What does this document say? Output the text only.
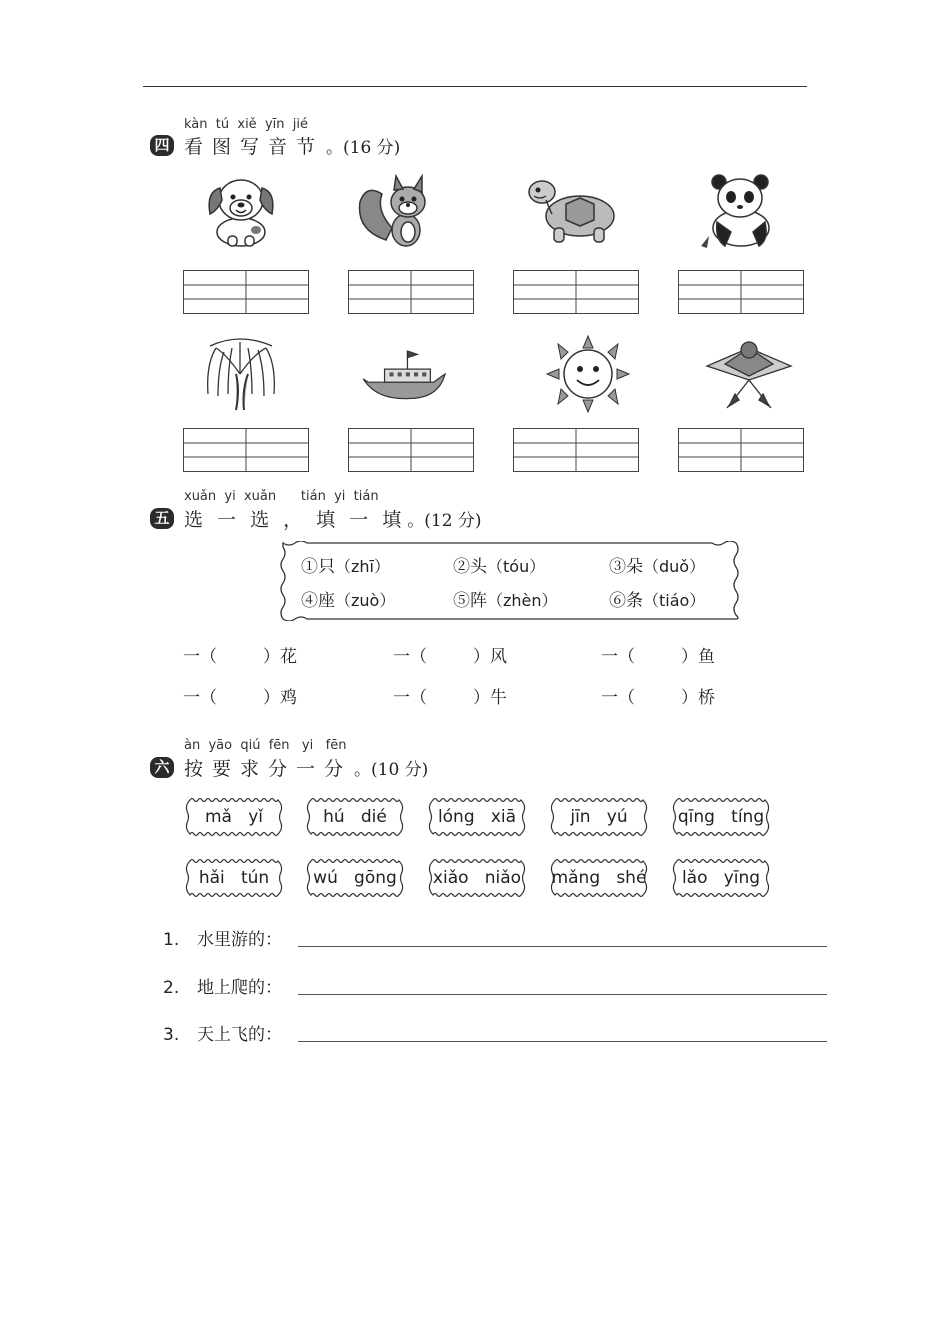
kàn  tú  xiě  yīn  jié
四 看图写音节 。(16 分)
xuǎn  yi  xuǎn      tián  yi  tián
五 选 一 选 ， 填 一 填 。(12 分)
①只（zhī）	②头（tóu）	③朵（duǒ）
④座（zuò）	⑤阵（zhèn）	⑥条（tiáo）
一（	）花	一（	）风	一（	）鱼
一（	）鸡	一（	）牛	一（	）桥
àn  yāo  qiú  fēn   yi   fēn
六 按要求分一分 。(10 分)
mǎ   yǐ	hú   dié	lóng   xiā	jīn   yú	qīng   tíng
hǎi   tún	wú   gōng	xiǎo   niǎo	mǎng   shé	lǎo   yīng
1.	水里游的：
2.	地上爬的：
3.	天上飞的：
